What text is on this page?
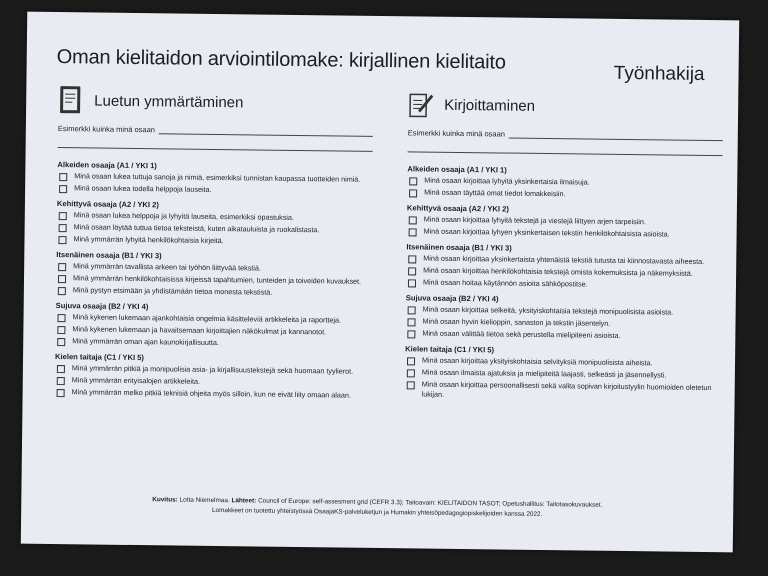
Oman kielitaidon arviointilomake: kirjallinen kielitaito
Työnhakija
Luetun ymmärtäminen
Esimerkki kuinka minä osaan
Alkeiden osaaja (A1 / YKI 1)
Minä osaan lukea tuttuja sanoja ja nimiä, esimerkiksi tunnistan kaupassa tuotteiden nimiä.
Minä osaan lukea todella helppoja lauseita.
Kehittyvä osaaja (A2 / YKI 2)
Minä osaan lukea helppoja ja lyhyitä lauseita, esimerkiksi opastuksia.
Minä osaan löytää tuttua tietoa teksteistä, kuten aikatauluista ja ruokalistasta.
Minä ymmärrän lyhyitä henkilökohtaisia kirjeitä.
Itsenäinen osaaja (B1 / YKI 3)
Minä ymmärrän tavallista arkeen tai työhön liittyvää tekstiä.
Minä ymmärrän henkilökohtaisissa kirjeissä tapahtumien, tunteiden ja toiveiden kuvaukset.
Minä pystyn etsimään ja yhdistämään tietoa monesta tekstistä.
Sujuva osaaja (B2 / YKI 4)
Minä kykenen lukemaan ajankohtaisia ongelmia käsitteleviä artikkeleita ja raportteja.
Minä kykenen lukemaan ja havaitsemaan kirjoittajien näkökulmat ja kannanotot.
Minä ymmärrän oman ajan kaunokirjallisuutta.
Kielen taitaja (C1 / YKI 5)
Minä ymmärrän pitkiä ja monipuolisia asia- ja kirjallisuustekstejä sekä huomaan tyylierot.
Minä ymmärrän erityisalojen artikkeleita.
Minä ymmärrän melko pitkiä teknisiä ohjeita myös silloin, kun ne eivät liity omaan alaan.
Kirjoittaminen
Esimerkki kuinka minä osaan
Alkeiden osaaja (A1 / YKI 1)
Minä osaan kirjoittaa lyhyitä yksinkertaisia ilmaisuja.
Minä osaan täyttää omat tiedot lomakkeisiin.
Kehittyvä osaaja (A2 / YKI 2)
Minä osaan kirjoittaa lyhyitä tekstejä ja viestejä liittyen arjen tarpeisiin.
Minä osaan kirjoittaa lyhyen yksinkertaisen tekstin henkilökohtaisista asioista.
Itsenäinen osaaja (B1 / YKI 3)
Minä osaan kirjoittaa yksinkertaista yhtenäistä tekstiä tutusta tai kiinnostavasta aiheesta.
Minä osaan kirjoittaa henkilökohtaisia tekstejä omista kokemuksista ja näkemyksistä.
Minä osaan hoitaa käytännön asioita sähköpostitse.
Sujuva osaaja (B2 / YKI 4)
Minä osaan kirjoittaa selkeitä, yksityiskohtaisia tekstejä monipuolisista asioista.
Minä osaan hyvin kielioppin, sanaston ja tekstin jäsentelyn.
Minä osaan välittää tietoa sekä perustella mielipiteeni asioista.
Kielen taitaja (C1 / YKI 5)
Minä osaan kirjoittaa yksityiskohtaisia selvityksiä monipuolisista aiheista.
Minä osaan ilmaista ajatuksia ja mielipiteitä laajasti, selkeästi ja jäsennellysti.
Minä osaan kirjoittaa persoonallisesti sekä valita sopivan kirjoitustyylin huomioiden oletetun lukijan.
Kuvitus: Lotta Niemelmaa. Lähteet: Council of Europe: self-assesment grid (CEFR 3.3); Taitoavain: KIELITAIDON TASOT; Opetushallitus: Taitotasokuvaukset.
Lomakkeet on tuotettu yhteistyössä OsaajaKS-palveluketjun ja Humakin yhteisöpedagogiopiskelijoiden kanssa 2022.
